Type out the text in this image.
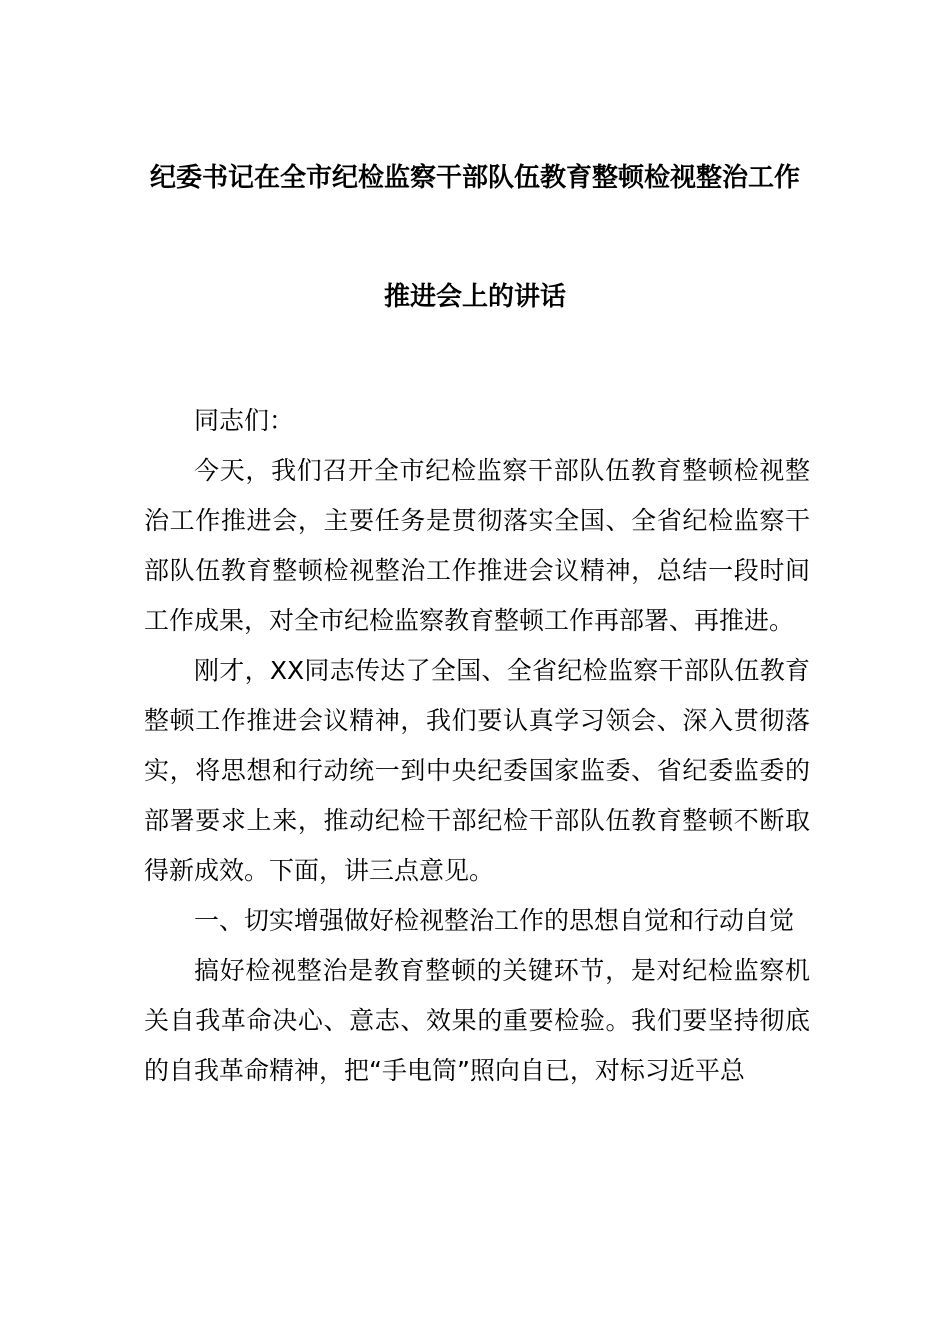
纪委书记在全市纪检监察干部队伍教育整顿检视整治工作
推进会上的讲话

同志们：

今天，我们召开全市纪检监察干部队伍教育整顿检视整治工作推进会，主要任务是贯彻落实全国、全省纪检监察干部队伍教育整顿检视整治工作推进会议精神，总结一段时间工作成果，对全市纪检监察教育整顿工作再部署、再推进。

刚才，XX同志传达了全国、全省纪检监察干部队伍教育整顿工作推进会议精神，我们要认真学习领会、深入贯彻落实，将思想和行动统一到中央纪委国家监委、省纪委监委的部署要求上来，推动纪检干部纪检干部队伍教育整顿不断取得新成效。下面，讲三点意见。

一、切实增强做好检视整治工作的思想自觉和行动自觉

搞好检视整治是教育整顿的关键环节，是对纪检监察机关自我革命决心、意志、效果的重要检验。我们要坚持彻底的自我革命精神，把“手电筒”照向自已，对标习近平总
